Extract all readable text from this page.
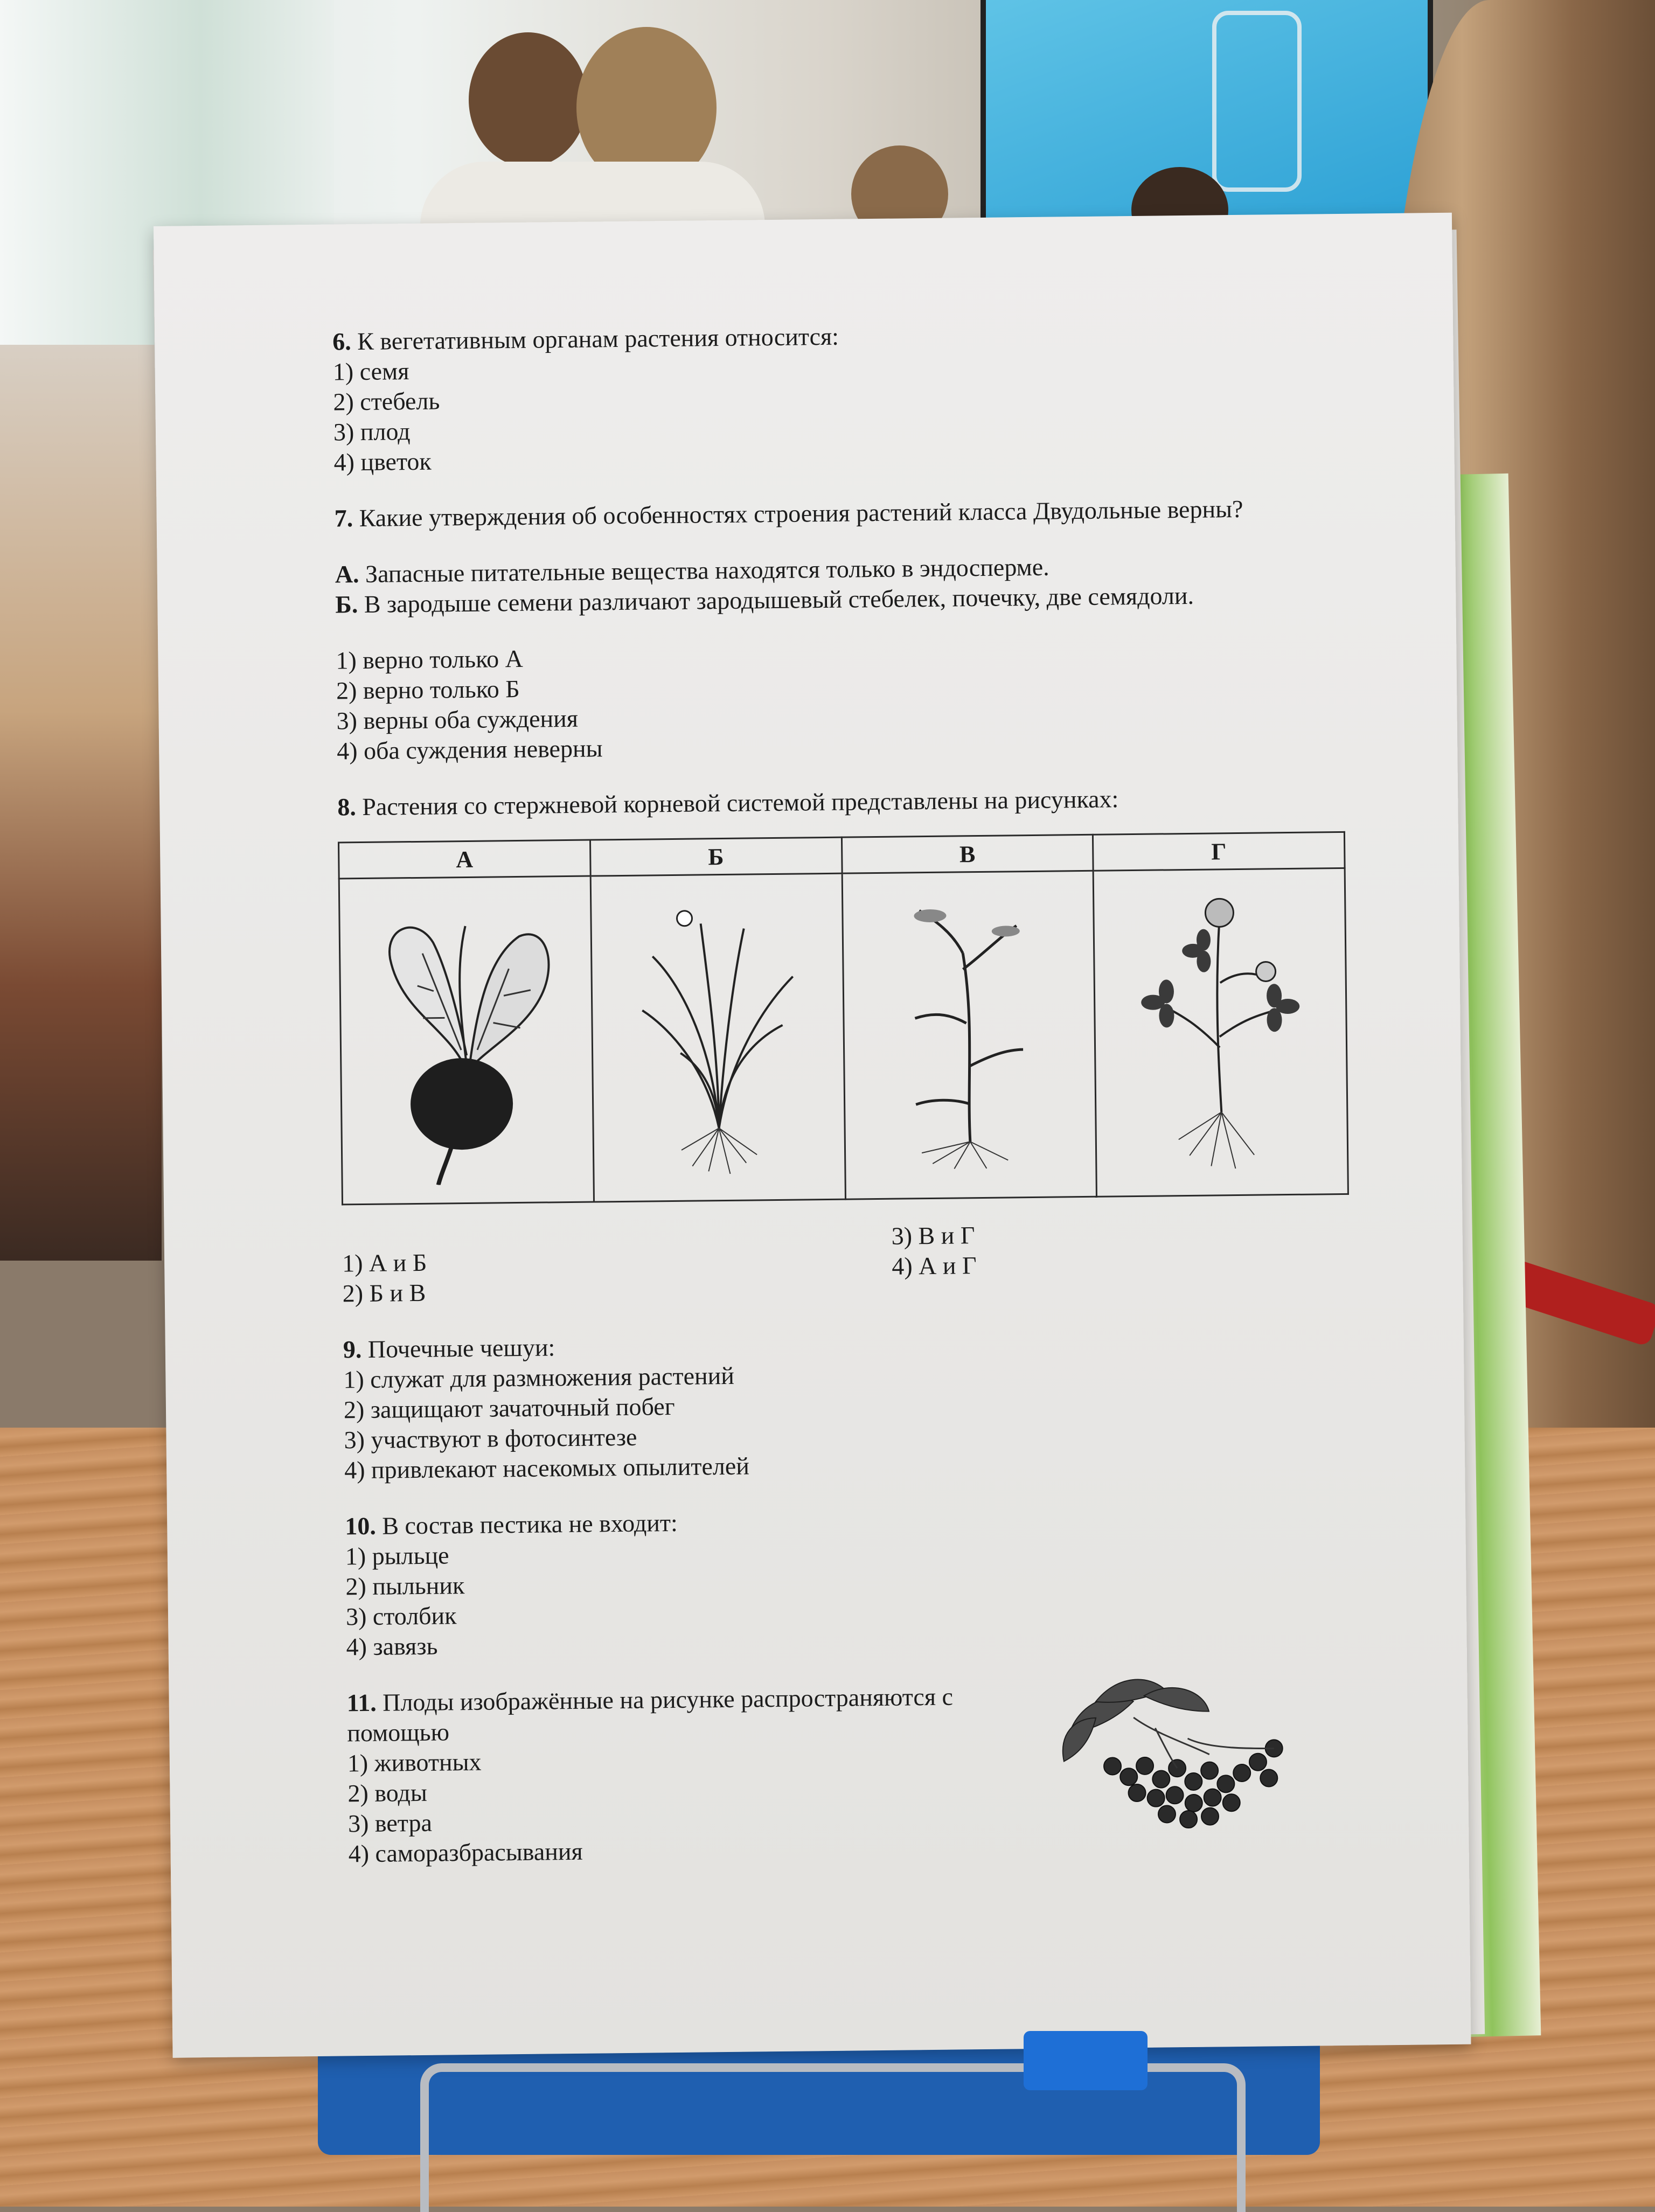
6. К вегетативным органам растения относится:
1) семя
2) стебель
3) плод
4) цветок
7. Какие утверждения об особенностях строения растений класса Двудольные верны?
А. Запасные питательные вещества находятся только в эндосперме.
Б. В зародыше семени различают зародышевый стебелек, почечку, две семядоли.
1) верно только А
2) верно только Б
3) верны оба суждения
4) оба суждения неверны
8. Растения со стержневой корневой системой представлены на рисунках:
А	Б	В	Г

1) А и Б
2) Б и В
3) В и Г
4) А и Г
9. Почечные чешуи:
1) служат для размножения растений
2) защищают зачаточный побег
3) участвуют в фотосинтезе
4) привлекают насекомых опылителей
10. В состав пестика не входит:
1) рыльце
2) пыльник
3) столбик
4) завязь
11. Плоды изображённые на рисунке распространяются с
помощью
1) животных
2) воды
3) ветра
4) саморазбрасывания
